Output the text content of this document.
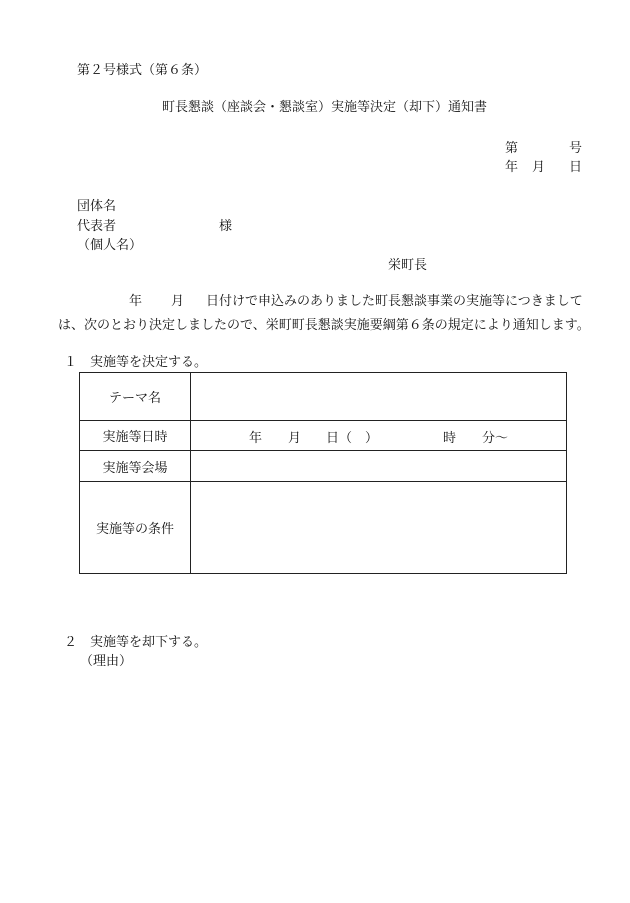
第２号様式（第６条）
町長懇談（座談会・懇談室）実施等決定（却下）通知書
第	号
年 月 日
団体名
代表者	様
（個人名）
栄町長
年 月 日付けで申込みのありました町長懇談事業の実施等につきまして
は、次のとおり決定しましたので、栄町町長懇談実施要綱第６条の規定により通知します。
１　実施等を決定する。
テーマ名	
実施等日時	年 月 日（　） 時 分～

実施等会場	
実施等の条件	
２　実施等を却下する。
（理由）
